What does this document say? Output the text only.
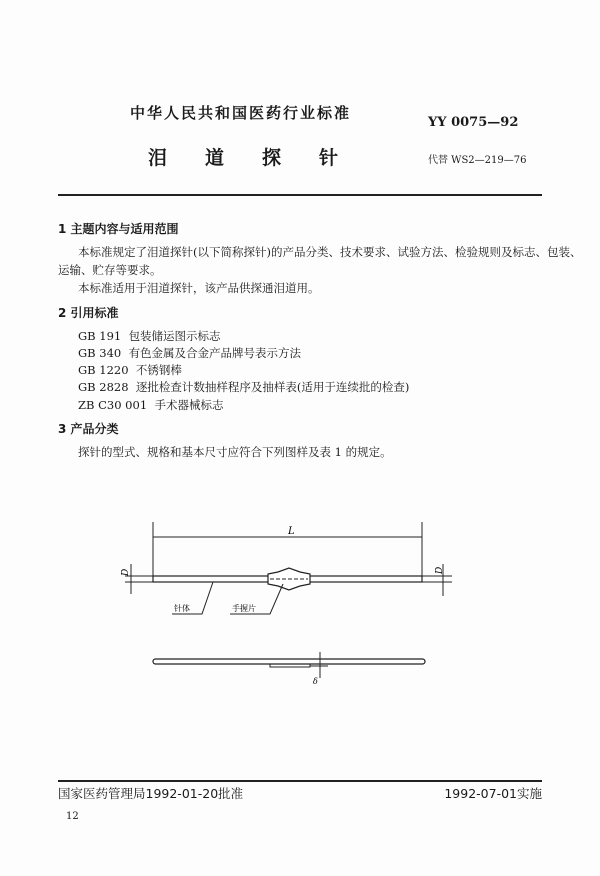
中华人民共和国医药行业标准
YY 0075—92
泪道探针	代替 WS2—219—76
1 主题内容与适用范围
本标准规定了泪道探针(以下简称探针)的产品分类、技术要求、试验方法、检验规则及标志、包装、
运输、贮存等要求。
本标准适用于泪道探针，该产品供探通泪道用。
2 引用标准
GB 191 包装储运图示标志
GB 340 有色金属及合金产品牌号表示方法
GB 1220 不锈钢棒
GB 2828 逐批检查计数抽样程序及抽样表(适用于连续批的检查)
ZB C30 001 手术器械标志
3 产品分类
探针的型式、规格和基本尺寸应符合下列图样及表 1 的规定。
L
D	D
针体	手握片
δ
国家医药管理局1992-01-20批准	1992-07-01实施
12
